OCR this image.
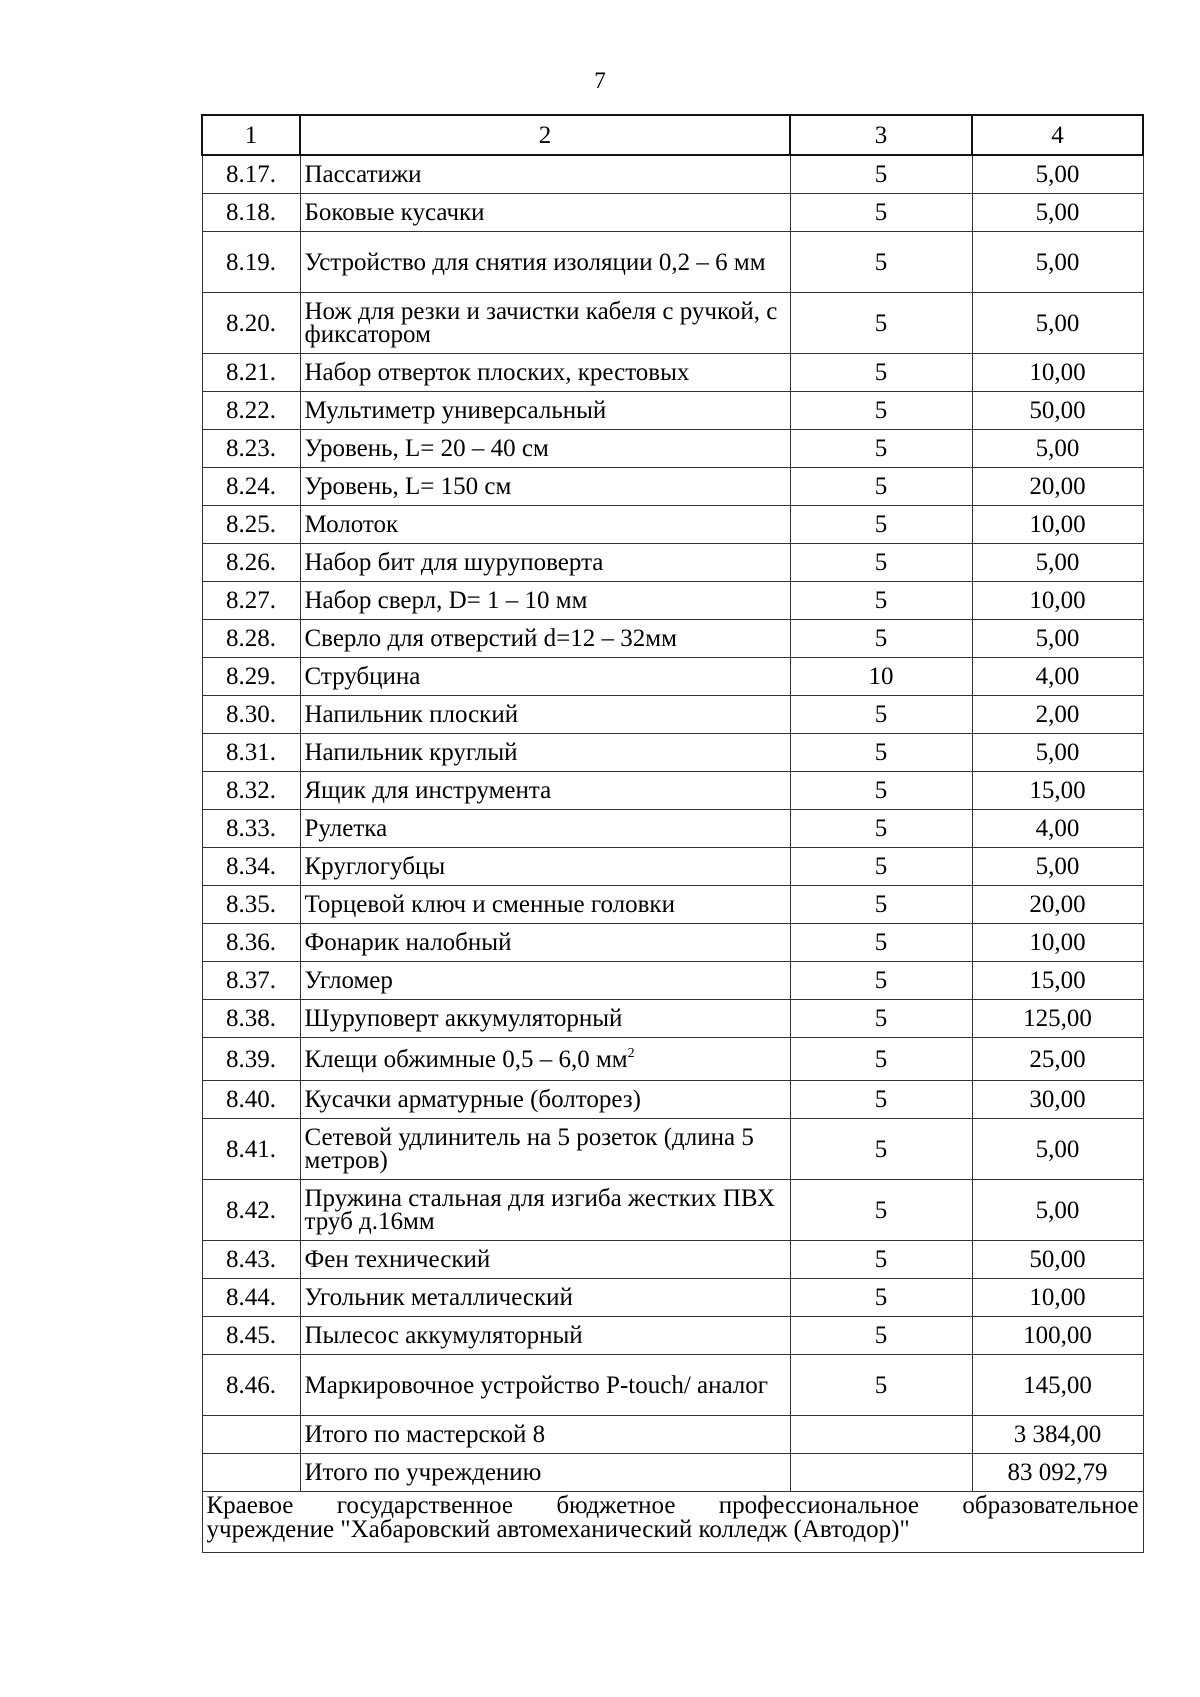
7
1	2	3	4
8.17.	Пассатижи	5	5,00
8.18.	Боковые кусачки	5	5,00
8.19.	Устройство для снятия изоляции 0,2 – 6 мм	5	5,00
8.20.	Нож для резки и зачистки кабеля с ручкой, с фиксатором	5	5,00
8.21.	Набор отверток плоских, крестовых	5	10,00
8.22.	Мультиметр универсальный	5	50,00
8.23.	Уровень, L= 20 – 40 см	5	5,00
8.24.	Уровень, L= 150 см	5	20,00
8.25.	Молоток	5	10,00
8.26.	Набор бит для шуруповерта	5	5,00
8.27.	Набор сверл, D= 1 – 10 мм	5	10,00
8.28.	Сверло для отверстий d=12 – 32мм	5	5,00
8.29.	Струбцина	10	4,00
8.30.	Напильник плоский	5	2,00
8.31.	Напильник круглый	5	5,00
8.32.	Ящик для инструмента	5	15,00
8.33.	Рулетка	5	4,00
8.34.	Круглогубцы	5	5,00
8.35.	Торцевой ключ и сменные головки	5	20,00
8.36.	Фонарик налобный	5	10,00
8.37.	Угломер	5	15,00
8.38.	Шуруповерт аккумуляторный	5	125,00
8.39.	Клещи обжимные 0,5 – 6,0 $мм^2$	5	25,00
8.40.	Кусачки арматурные (болторез)	5	30,00
8.41.	Сетевой удлинитель на 5 розеток (длина 5 метров)	5	5,00
8.42.	Пружина стальная для изгиба жестких ПВХ труб д.16мм	5	5,00
8.43.	Фен технический	5	50,00
8.44.	Угольник металлический	5	10,00
8.45.	Пылесос аккумуляторный	5	100,00
8.46.	Маркировочное устройство P-touch/ аналог	5	145,00
	Итого по мастерской 8		3 384,00
	Итого по учреждению		83 092,79

Краевое государственное бюджетное профессиональное образовательное
учреждение "Хабаровский автомеханический колледж (Автодор)"			
